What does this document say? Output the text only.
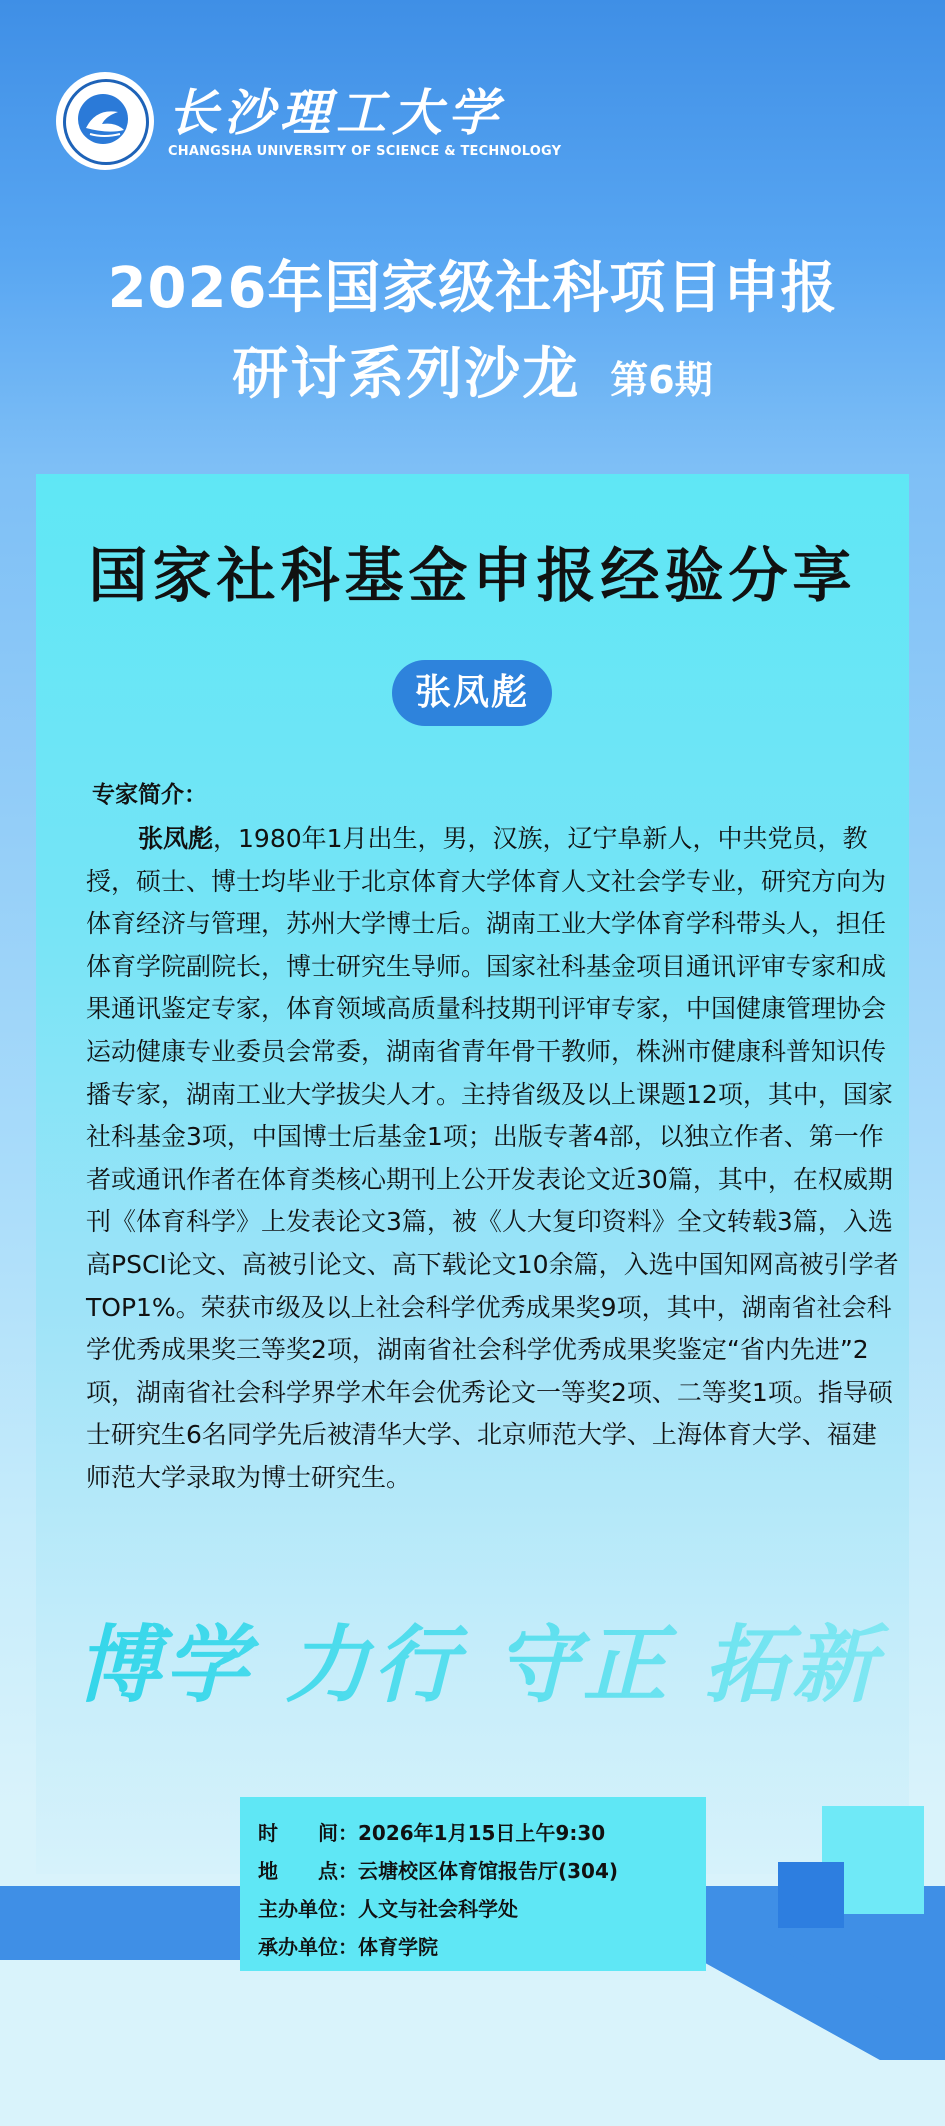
长沙理工大学
CHANGSHA UNIVERSITY OF SCIENCE & TECHNOLOGY
2026年国家级社科项目申报
研讨系列沙龙 第6期
国家社科基金申报经验分享
张凤彪
专家简介：

张凤彪，1980年1月出生，男，汉族，辽宁阜新人，中共党员，教授，硕士、博士均毕业于北京体育大学体育人文社会学专业，研究方向为体育经济与管理，苏州大学博士后。湖南工业大学体育学科带头人，担任体育学院副院长，博士研究生导师。国家社科基金项目通讯评审专家和成果通讯鉴定专家，体育领域高质量科技期刊评审专家，中国健康管理协会运动健康专业委员会常委，湖南省青年骨干教师，株洲市健康科普知识传播专家，湖南工业大学拔尖人才。主持省级及以上课题12项，其中，国家社科基金3项，中国博士后基金1项；出版专著4部，以独立作者、第一作者或通讯作者在体育类核心期刊上公开发表论文近30篇，其中，在权威期刊《体育科学》上发表论文3篇，被《人大复印资料》全文转载3篇，入选高PSCI论文、高被引论文、高下载论文10余篇，入选中国知网高被引学者TOP1%。荣获市级及以上社会科学优秀成果奖9项，其中，湖南省社会科学优秀成果奖三等奖2项，湖南省社会科学优秀成果奖鉴定“省内先进”2项，湖南省社会科学界学术年会优秀论文一等奖2项、二等奖1项。指导硕士研究生6名同学先后被清华大学、北京师范大学、上海体育大学、福建师范大学录取为博士研究生。

博学 力行 守正 拓新
时　　间：2026年1月15日上午9:30
地　　点：云塘校区体育馆报告厅(304)
主办单位：人文与社会科学处
承办单位：体育学院
